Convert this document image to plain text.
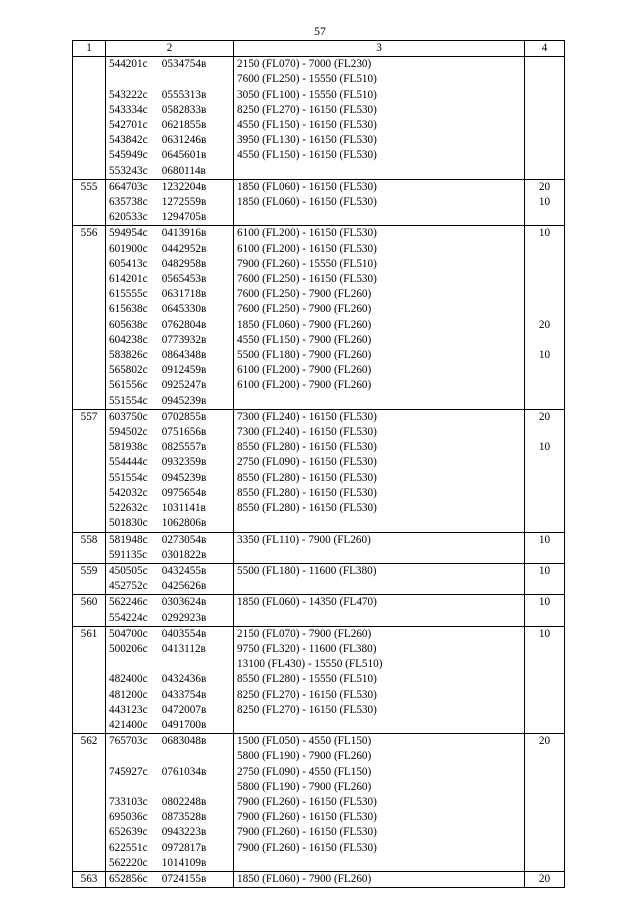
57
1	2	3	4
	544201с 0534754в	2150 (FL070) - 7000 (FL230)	
		7600 (FL250) - 15550 (FL510)	
	543222с 0555313в	3050 (FL100) - 15550 (FL510)	
	543334с 0582833в	8250 (FL270) - 16150 (FL530)	
	542701с 0621855в	4550 (FL150) - 16150 (FL530)	
	543842с 0631246в	3950 (FL130) - 16150 (FL530)	
	545949с 0645601в	4550 (FL150) - 16150 (FL530)	
	553243с 0680114в		
555	664703с 1232204в	1850 (FL060) - 16150 (FL530)	20
	635738с 1272559в	1850 (FL060) - 16150 (FL530)	10
	620533с 1294705в		
556	594954с 0413916в	6100 (FL200) - 16150 (FL530)	10
	601900с 0442952в	6100 (FL200) - 16150 (FL530)	
	605413с 0482958в	7900 (FL260) - 15550 (FL510)	
	614201с 0565453в	7600 (FL250) - 16150 (FL530)	
	615555с 0631718в	7600 (FL250) - 7900 (FL260)	
	615638с 0645330в	7600 (FL250) - 7900 (FL260)	
	605638с 0762804в	1850 (FL060) - 7900 (FL260)	20
	604238с 0773932в	4550 (FL150) - 7900 (FL260)	
	583826с 0864348в	5500 (FL180) - 7900 (FL260)	10
	565802с 0912459в	6100 (FL200) - 7900 (FL260)	
	561556с 0925247в	6100 (FL200) - 7900 (FL260)	
	551554с 0945239в		
557	603750с 0702855в	7300 (FL240) - 16150 (FL530)	20
	594502с 0751656в	7300 (FL240) - 16150 (FL530)	
	581938с 0825557в	8550 (FL280) - 16150 (FL530)	10
	554444с 0932359в	2750 (FL090) - 16150 (FL530)	
	551554с 0945239в	8550 (FL280) - 16150 (FL530)	
	542032с 0975654в	8550 (FL280) - 16150 (FL530)	
	522632с 1031141в	8550 (FL280) - 16150 (FL530)	
	501830с 1062806в		
558	581948с 0273054в	3350 (FL110) - 7900 (FL260)	10
	591135с 0301822в		
559	450505с 0432455в	5500 (FL180) - 11600 (FL380)	10
	452752с 0425626в		
560	562246с 0303624в	1850 (FL060) - 14350 (FL470)	10
	554224с 0292923в		
561	504700с 0403554в	2150 (FL070) - 7900 (FL260)	10
	500206с 0413112в	9750 (FL320) - 11600 (FL380)	
		13100 (FL430) - 15550 (FL510)	
	482400с 0432436в	8550 (FL280) - 15550 (FL510)	
	481200с 0433754в	8250 (FL270) - 16150 (FL530)	
	443123с 0472007в	8250 (FL270) - 16150 (FL530)	
	421400с 0491700в		
562	765703с 0683048в	1500 (FL050) - 4550 (FL150)	20
		5800 (FL190) - 7900 (FL260)	
	745927с 0761034в	2750 (FL090) - 4550 (FL150)	
		5800 (FL190) - 7900 (FL260)	
	733103с 0802248в	7900 (FL260) - 16150 (FL530)	
	695036с 0873528в	7900 (FL260) - 16150 (FL530)	
	652639с 0943223в	7900 (FL260) - 16150 (FL530)	
	622551с 0972817в	7900 (FL260) - 16150 (FL530)	
	562220с 1014109в		
563	652856с 0724155в	1850 (FL060) - 7900 (FL260)	20
